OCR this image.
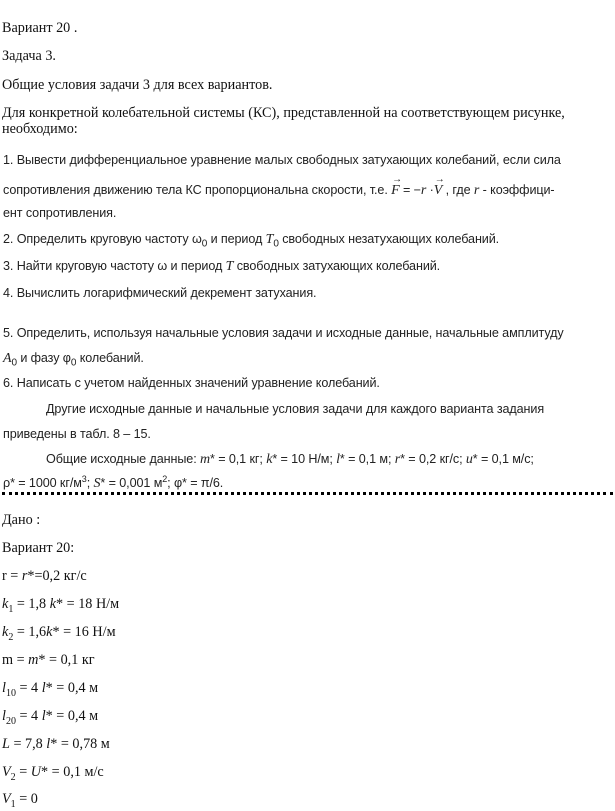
Вариант 20 .
Задача 3.
Общие условия задачи 3 для всех вариантов.
Для конкретной колебательной системы (КС), представленной на соответствующем рисунке,
необходимо:
1. Вывести дифференциальное уравнение малых свободных затухающих колебаний, если сила
сопротивления движению тела КС пропорциональна скорости, т.е. → F = −r ·→ V , где r - коэффици-
ент сопротивления.
2. Определить круговую частоту $\omega_0$ и период $T_0$ свободных незатухающих колебаний.
3. Найти круговую частоту ω и период T свободных затухающих колебаний.
4. Вычислить логарифмический декремент затухания.
5. Определить, используя начальные условия задачи и исходные данные, начальные амплитуду
$A_0$ и фазу $\varphi_0$ колебаний.
6. Написать с учетом найденных значений уравнение колебаний.
Другие исходные данные и начальные условия задачи для каждого варианта задания
приведены в табл. 8 – 15.
Общие исходные данные: m* = 0,1 кг; k* = 10 Н/м; l* = 0,1 м; r* = 0,2 кг/с; u* = 0,1 м/с;
ρ* = 1000 $кг/м^3$; S* = 0,001 $м^2$; φ* = π/6.
Дано :
Вариант 20:
r = r*=0,2 кг/с
$k_1 = 1,8$ k* = 18 Н/м
$k_2 = 1,6k* = 16$ Н/м
m = m* = 0,1 кг
$l_{10} = 4$ l* = 0,4 м
$l_{20} = 4$ l* = 0,4 м
L = 7,8 l* = 0,78 м
$V_2 = U* = 0,1$ м/с
$V_1 = 0$
